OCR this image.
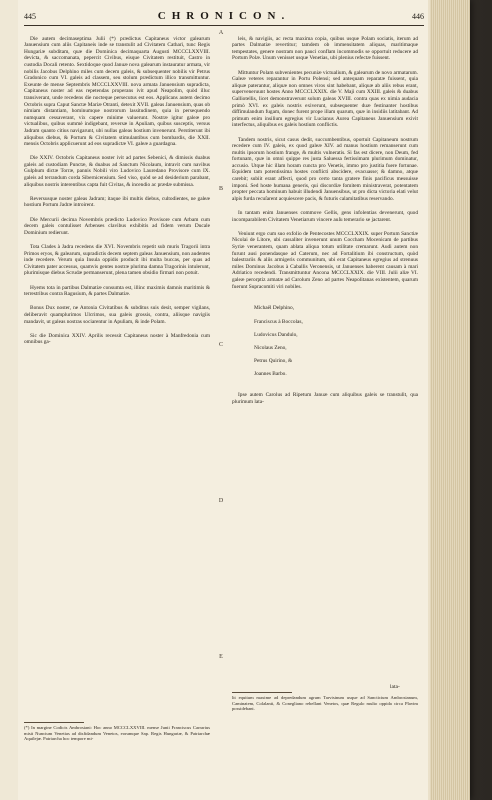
445	CHRONICON.	446

Die autem decimaseptima Julii (*) prædictus Capitaneus victor galearum Januensium cum aliis Capitaneis inde se transtulit ad Civitatem Catharì, tunc Regis Hungariæ subditam, quæ die Dominica decimaquarta Augusti MCCCLXXVIII. devicta, & saccomanata, pepercit Civibus, eisque Civitatem restituit, Castro in custodia Docali retento. Sextidoque quod Januæ nova galearum instauratur armata, vir nobilis Jacobus Delphino miles cum decem galeis, & subsequenter nobilis vir Petrus Gradonico cum VI. galeis ad classem, seu stolum prædictum illico transmittuntur. Exeunte de mense Septembris MCCCLXXVIII. nova armata Januensium supradicta, Capitaneus noster ad eas repetendas properans ivit apud Neapolim, quòd illuc transiverant, unde recedens die nocteque persecutus est eos. Applicans autem decimo Octobris supra Caput Sanctæ Mariæ Otranti, detexit XVII. galeas Januensium, quas ob nimiam distantiam, hominumque nostrorum lassitudinem, quia in persequendo numquam cessaverant, vix capere minime valuerunt. Nostræ igitur galeæ pro victualibus, quibus summè indigebant, reversæ in Apuliam, quibus susceptis, versus Jadram quanto citius navigarunt, ubi nullas galeas hostium invenerunt. Perstiterunt ibi aliquibus diebus, & Portum & Civitatem stimulantibus cum bombardis, die XXII. mensis Octobris applicuerunt ad eos supradictæ VI. galeæ a guardagna.

Die XXIV. Octobris Capitaneus noster ivit ad partes Sebenici, & dimissis duabus galeis ad custodiam Punctæ, & duabus ad Sanctum Nicolaum, intravit cum navibus Gulphum dictæ Torræ, pannis Nobili viro Ludovico Lauredano Provisore cum IX. galeis ad terrandum corda Sibernicensium. Sed viso, quòd se ad desiderium parabant, aliquibus nostris interentibus capta fuit Civitas, & incendio ac prædæ submissa.

Reversusque noster galeas Jadram; itaque ibi multis diebus, cultodientes, ne galeæ hostium Portum Jadræ introirent.

Die Mercurii decima Novembris prædicto Ludovico Provisore cum Arbam cum decem galeis contulisset Arbenses clavibus exhibitis ad fidem verum Ducale Dominium redierunt.

Tota Clades à Jadra recedens die XVI. Novembris repetit sub muris Tragorii intra Primos eryos, & galearum, supradictis decem septem galeas Januensium, non audentes inde recedere. Verum quia Insula oppidis producit ibi multa buccas, per quas ad Civitatem pater accessus, quamvis gentes nostræ plurima damna Tragorinis intulerunt, plurimisque diebus Scrudæ permanserunt, plena tamen obsidio firmari non potuit.

Hyems tota in partibus Dalmatiæ consumta est, illinc maximis damnis maritimis & terrestribus contra Ragusium, & partes Dalmatiæ.

Bonus Dux noster, ne Antonia Civitatibus & subditus suis desit, semper vigilans, deliberavit quamplurimos Ulcrimos, sua galeis grossis, contra, aliisque navigiis mandavit, ut galeas nostras sociarentur in Apuliam, & inde Polam.

Sic die Dominica XXIV. Aprilis recessit Capitaneus noster à Manfredonia cum omnibus ga-

A
B
C
D
E

leis, & navigiis, ac recta maxima copia, quibus usque Polam sociatis, iterum ad partes Dalmatiæ revertitur; tamdem ob immensitatem aliquas, maritimaque tempestates, genere nostram non pauci conflam incommodis se opportuit reducere ad Portum Polæ. Unum venisset usque Venetias, ubi plenius refectæ fuissent.

Mittuntur Polam subvenientes pecuniæ victualium, & galearum de novo armatarum. Galeæ veteres reparantur in Portu Polensi; sed antequam reparatæ fuissent, quia aliquæ paterantur, aliquæ non omnes viros sint habebant, aliquæ ab aliis rebus erant, superveneruunt hostes Anno MCCCLXXIX. die V. Maji cum XXIII. galeis & duabus Galliotellis, licet demonstraverunt solum galeas XVIII. contra quas ex nimia audacia primò XVI. ex galeis nostris exiverunt, subsequenter duæ festinanter hostibus diffimulandum fugam, donec furent prope illam quarum, quæ in insidiis latitabant. Ad primum enim insilium egregius vir Lucianus Aurea Capitaneus Januensium exivit interfectus, aliquibus ex galeis hostium conflictis.

Tandem nostris, sicut casus dedit, succumbentibus, oportuit Capitaneum nostrum recedere cum IV. galeis, ex quod galeæ XIV. ad manus hostium remanserunt cum multis ipsorum hostium frange, & multis vulneratis. Si fas est dicere, non Deum, fed fortunam, quæ in omni quippe res justa Saluessa fertissimam plurimum dominatur, accusio. Utque hic illam horam cuncta pro Venetis, immo pro justitia fuere fortunae. Equidem tam potentissima hostes conflicti abscidere, evacuasse; & damno, atque carebit; subiit erant affecti, quod pro certo tanta gratere finis pacificus messuisse imponi. Sed hoste humana generis, qui discordiæ fomitem ministraverat, potentatem propter peccata hominum habuit illudendi Januensibus, ut pro dicta victoria elati velut alpis furda recuſarent acquiescere pacis, & futuris calamitatibus reservando.

In tantam enim Januenses commove Gellis, gens infolentias devenerunt, quod incomparabilem Civitatem Venetiarum vincere auſu temerario se jactarent.

Veniunt ergo cum suo exfolio de Pentecostes MCCCLXXIX. super Portum Sanctiæ Nicolai de Litore, ubi cassaliter invenerunt unum Coccham Mocenicam de partibus Syriæ venerantem, quam ablata aliqua totum utilitate cremarunt. Audi autem non furunt ausi ponendasque ad Caterum, nec ad Fortalitium ibi constructum, quòd balestrariis & aliis armigeris communitum, ubi erat Capitaneus egregius ad strenuus miles Dominus Jacobus à Caballis Veronensis, ut Januenses haberent causam à mari Adriatico recedendi. Transmittuntur Ancona MCCCLXXIX. die VIII. Julii aliæ VI. galeæ perorptiz armatæ ad Carolum Zeno ad partes Neapolitanas existentem, quarum fuerunt Supracomiti viri nobiles.

Michaël Delphino,

Franciscus à Boccolas,

Ludovicus Dandulo,

Nicolaus Zeno,

Petrus Quirino, &

Joannes Barbo.

Ipse autem Carolus ad Ripetum Januæ cum aliquibus galeis se transtulit, qua plurimum lata-

lata-
(*) In margine Codicis Ambrosiani: Hoc anno MCCCLXXVIII. mense Junii Franciscus Carrarius misit Nuncium Venetias ad disfidandum Venetos, eorumque Sap. Regis Hungariæ, & Patriarchæ Aquilejæ. Patriarcha hoc tempore mi-
lit equitum maxime ad depredandum agrum Tarvisinum usque ad Sancticium Ambrosianum, Caminatem, Colalanti, & Conegliano rebellant Venetos, quæ Regulo multo oppida circa Plavim possidebant.
